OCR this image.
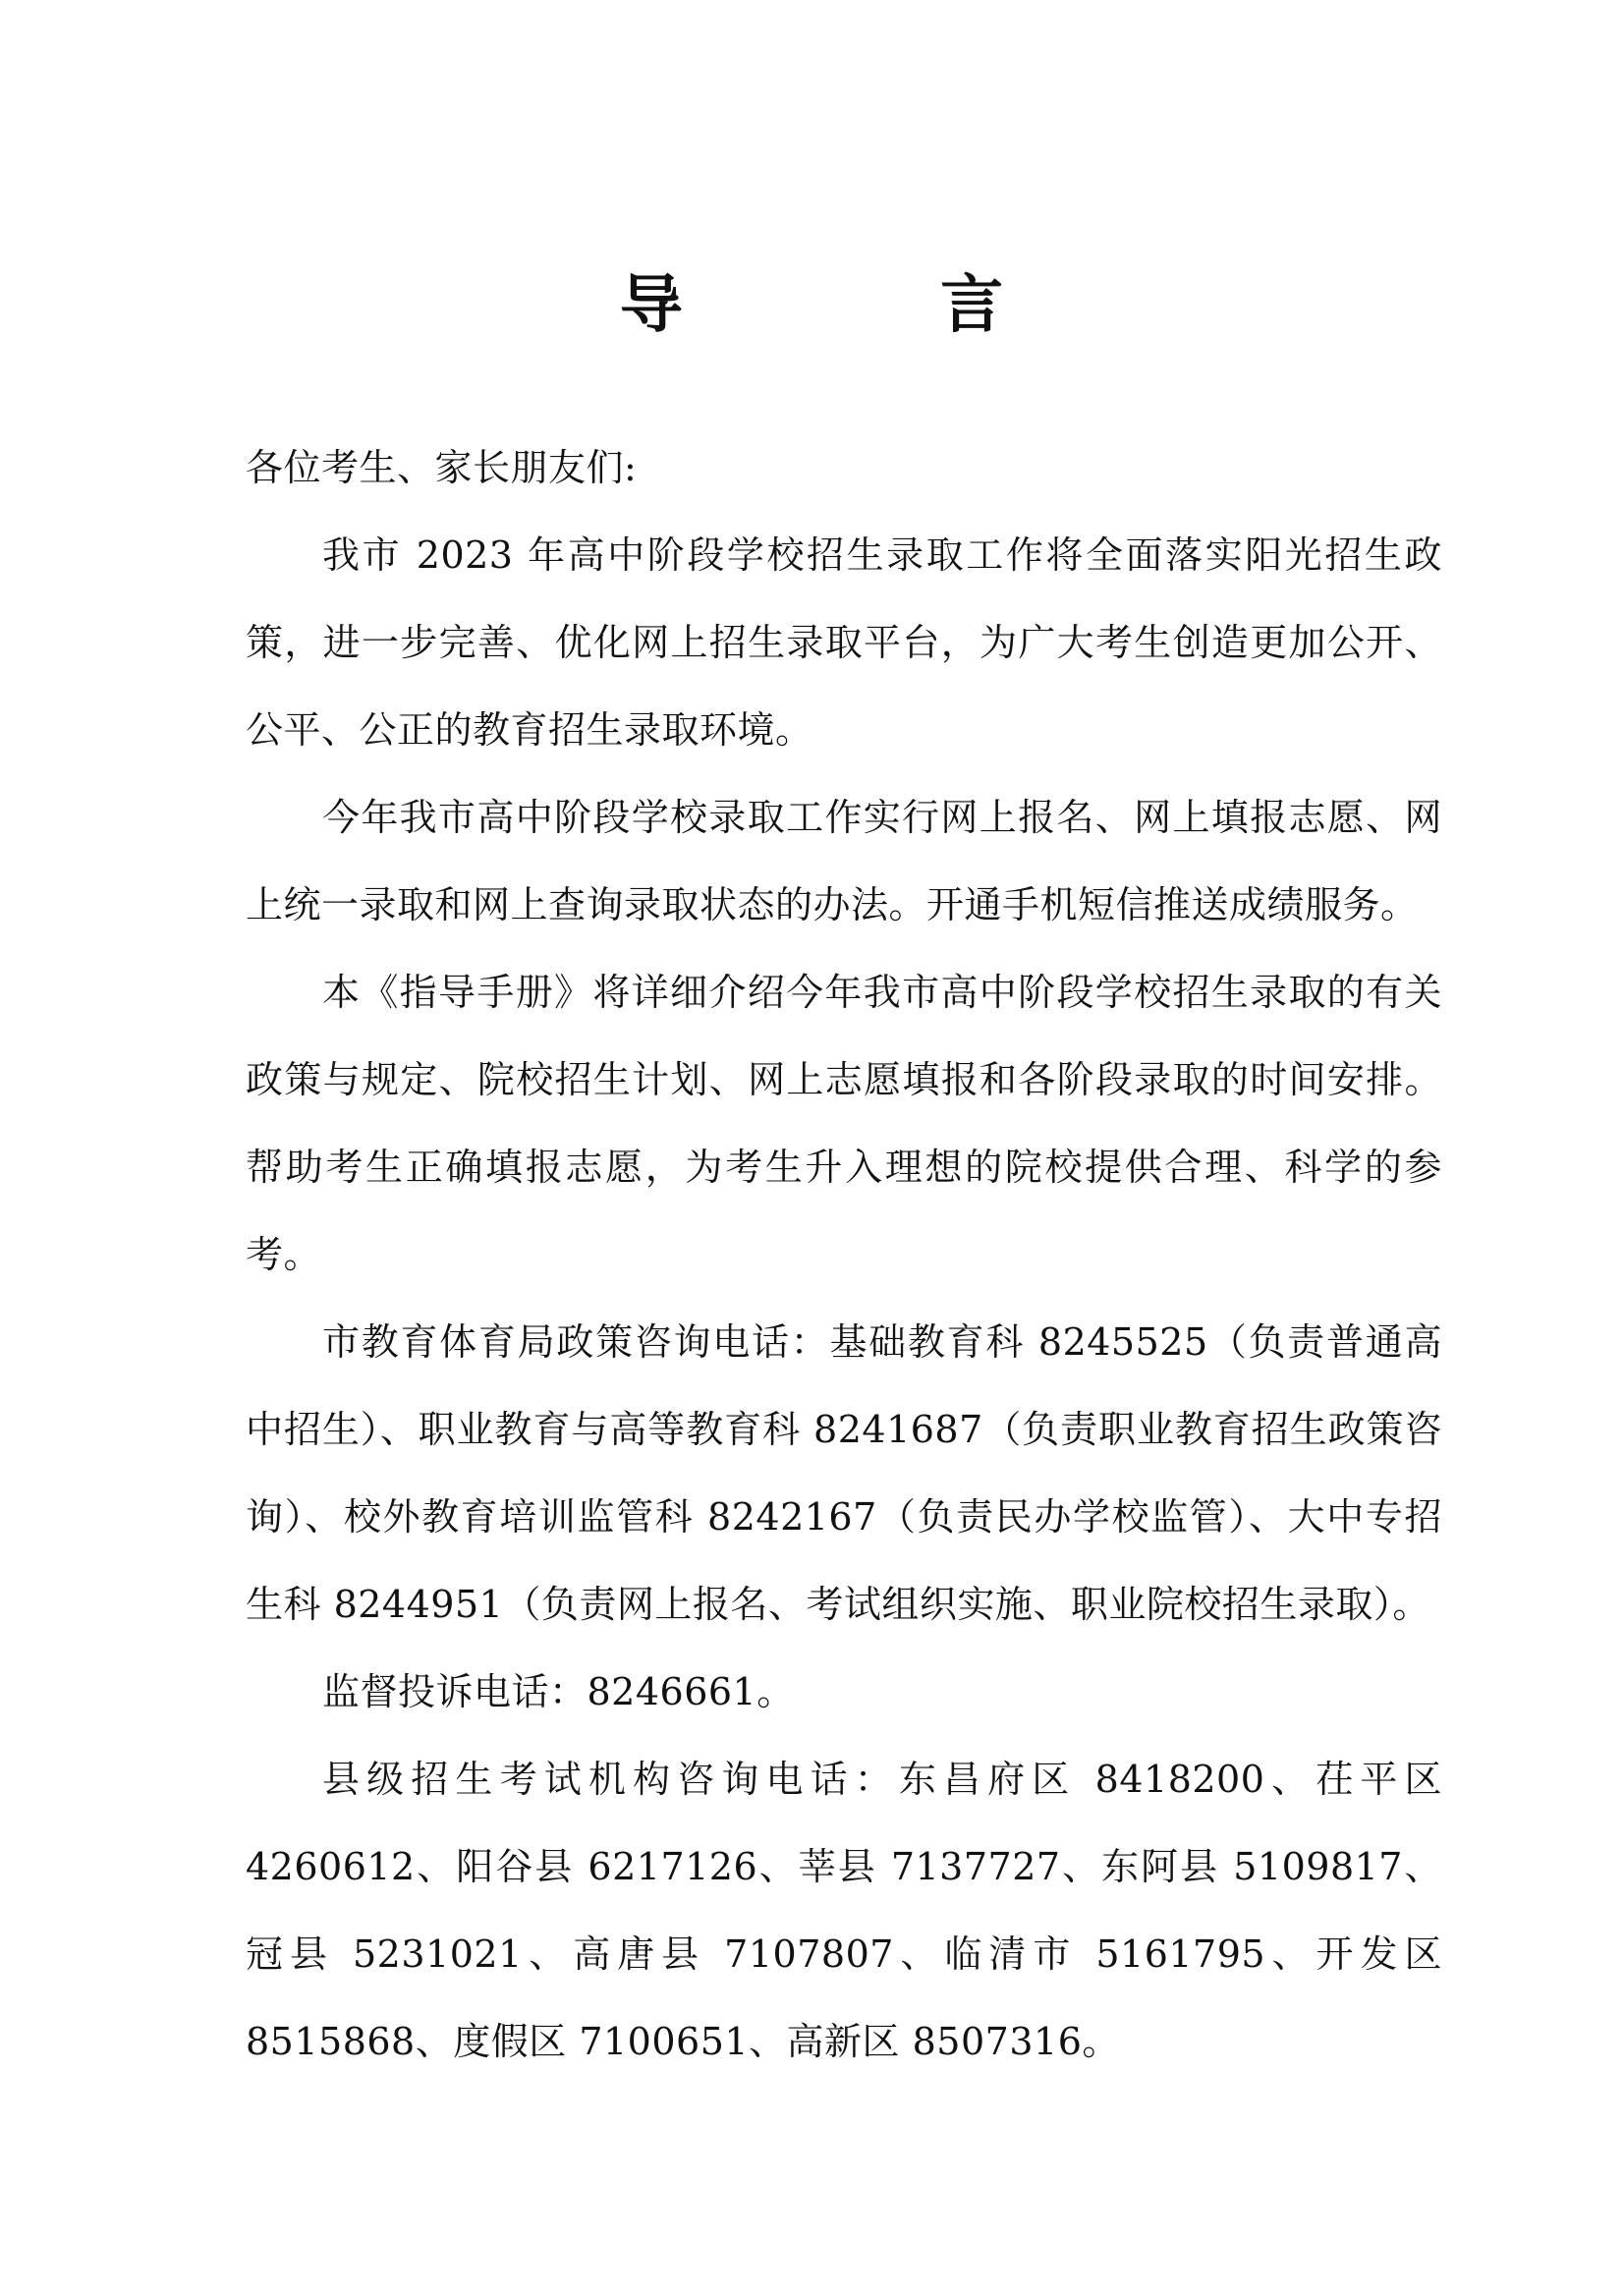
导 言

各位考生、家长朋友们:

我市 2023 年高中阶段学校招生录取工作将全面落实阳光招生政策，进一步完善、优化网上招生录取平台，为广大考生创造更加公开、公平、公正的教育招生录取环境。

今年我市高中阶段学校录取工作实行网上报名、网上填报志愿、网上统一录取和网上查询录取状态的办法。开通手机短信推送成绩服务。

本《指导手册》将详细介绍今年我市高中阶段学校招生录取的有关政策与规定、院校招生计划、网上志愿填报和各阶段录取的时间安排。帮助考生正确填报志愿，为考生升入理想的院校提供合理、科学的参考。

市教育体育局政策咨询电话：基础教育科 8245525（负责普通高中招生）、职业教育与高等教育科 8241687（负责职业教育招生政策咨询）、校外教育培训监管科 8242167（负责民办学校监管）、大中专招生科 8244951（负责网上报名、考试组织实施、职业院校招生录取）。

监督投诉电话：8246661。

县级招生考试机构咨询电话：东昌府区 8418200、茌平区 4260612、阳谷县 6217126、莘县 7137727、东阿县 5109817、冠县 5231021、高唐县 7107807、临清市 5161795、开发区 8515868、度假区 7100651、高新区 8507316。
